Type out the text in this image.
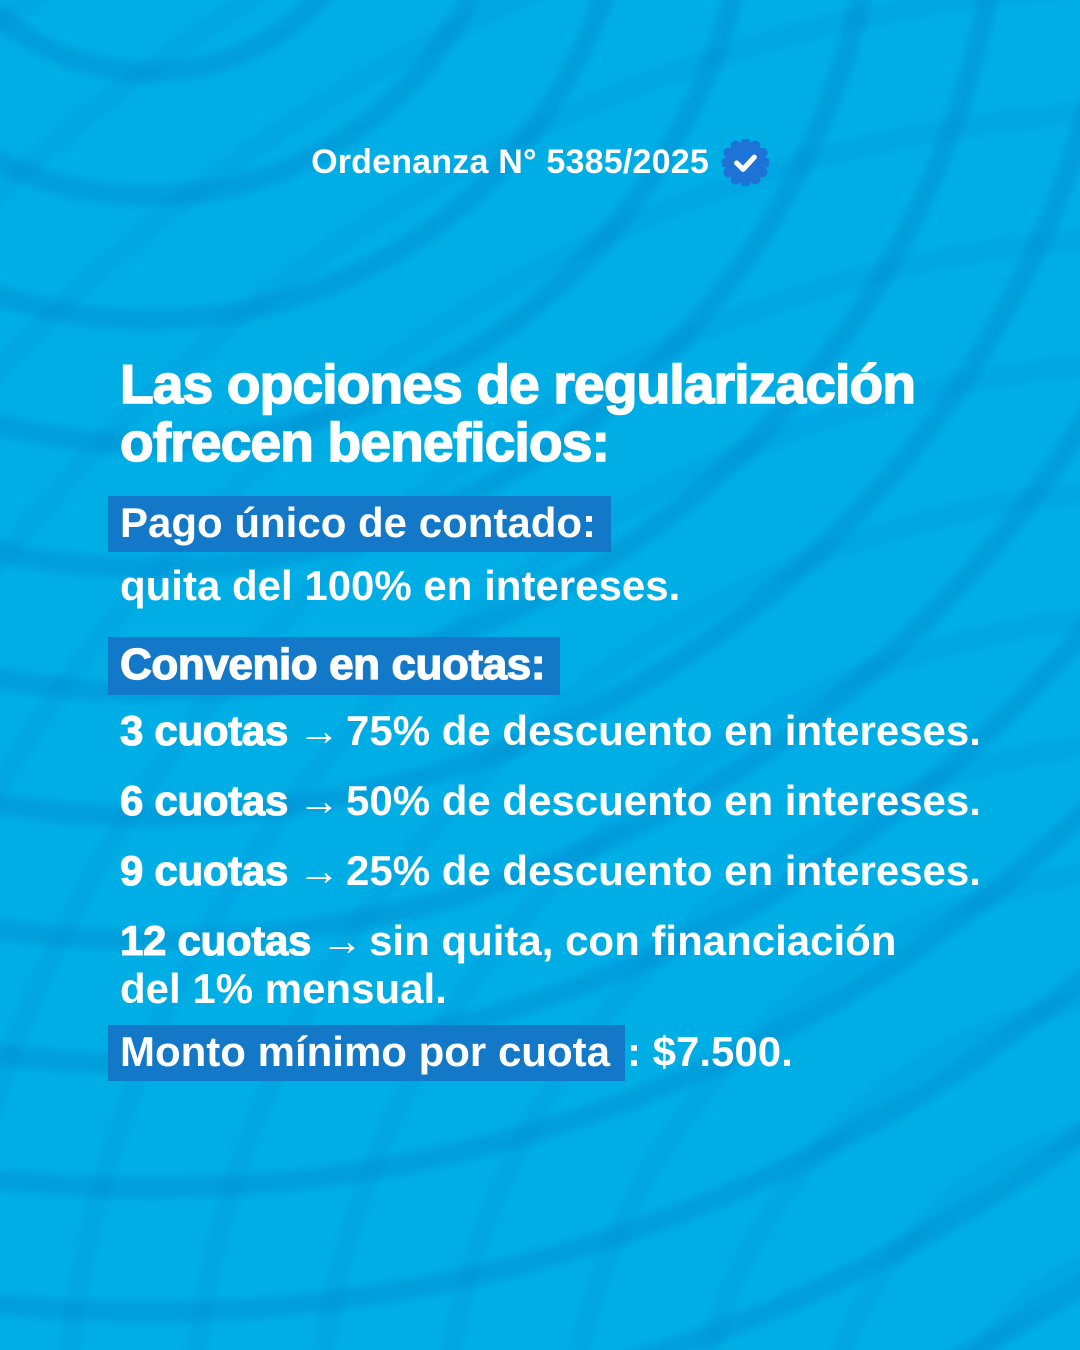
Ordenanza N° 5385/2025
Las opciones de regularización
ofrecen beneficios:
Pago único de contado:

quita del 100% en intereses.

Convenio en cuotas:

3 cuotas → 75% de descuento en intereses.

6 cuotas → 50% de descuento en intereses.

9 cuotas → 25% de descuento en intereses.

12 cuotas → sin quita, con financiación
del 1% mensual.

Monto mínimo por cuota : $7.500.
